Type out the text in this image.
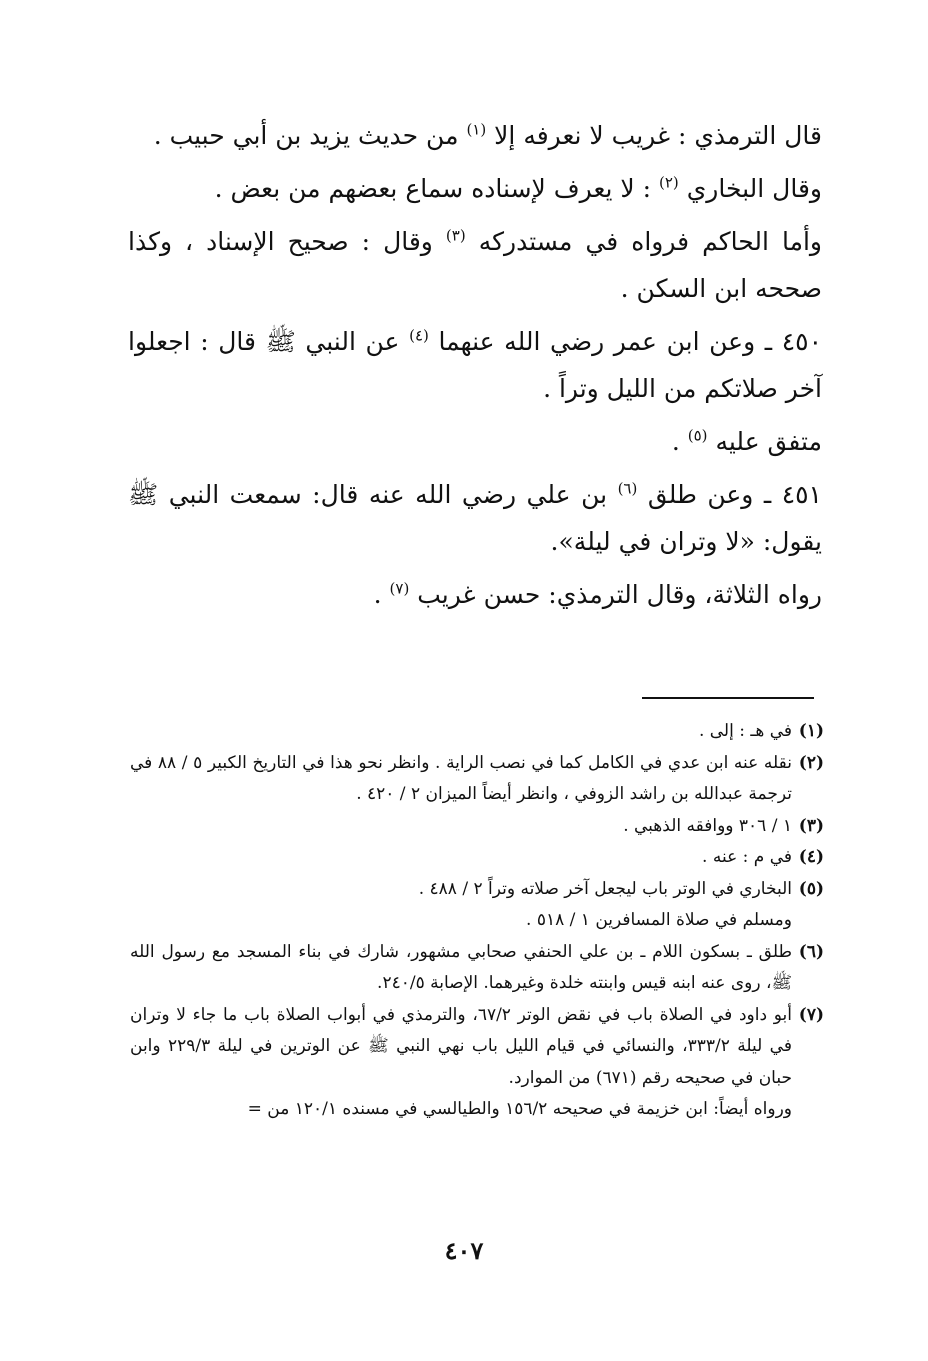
قال الترمذي : غريب لا نعرفه إلا $^{(١)}$ من حديث يزيد بن أبي حبيب .

وقال البخاري $^{(٢)}$ : لا يعرف لإسناده سماع بعضهم من بعض .

وأما الحاكم فرواه في مستدركه $^{(٣)}$ وقال : صحيح الإسناد ، وكذا صححه ابن السكن .

٤٥٠ ـ وعن ابن عمر رضي الله عنهما $^{(٤)}$ عن النبي ﷺ قال : اجعلوا آخر صلاتكم من الليل وتراً .

متفق عليه $^{(٥)}$ .

٤٥١ ـ وعن طلق $^{(٦)}$ بن علي رضي الله عنه قال: سمعت النبي ﷺ يقول: «لا وتران في ليلة».

رواه الثلاثة، وقال الترمذي: حسن غريب $^{(٧)}$ .

(١)
في هـ : إلى .
(٢)
نقله عنه ابن عدي في الكامل كما في نصب الراية . وانظر نحو هذا في التاريخ الكبير ٥ / ٨٨ في ترجمة عبدالله بن راشد الزوفي ، وانظر أيضاً الميزان ٢ / ٤٢٠ .
(٣)
١ / ٣٠٦ ووافقه الذهبي .
(٤)
في م : عنه .
(٥)
البخاري في الوتر باب ليجعل آخر صلاته وتراً ٢ / ٤٨٨ .
ومسلم في صلاة المسافرين ١ / ٥١٨ .
(٦)
طلق ـ بسكون اللام ـ بن علي الحنفي صحابي مشهور، شارك في بناء المسجد مع رسول الله ﷺ، روى عنه ابنه قيس وابنته خلدة وغيرهما. الإصابة ٢٤٠/٥.
(٧)
أبو داود في الصلاة باب في نقض الوتر ٦٧/٢، والترمذي في أبواب الصلاة باب ما جاء لا وتران في ليلة ٣٣٣/٢، والنسائي في قيام الليل باب نهي النبي ﷺ عن الوترين في ليلة ٢٢٩/٣ وابن حبان في صحيحه رقم (٦٧١) من الموارد.
ورواه أيضاً: ابن خزيمة في صحيحه ١٥٦/٢ والطيالسي في مسنده ١٢٠/١ من =
٤٠٧
